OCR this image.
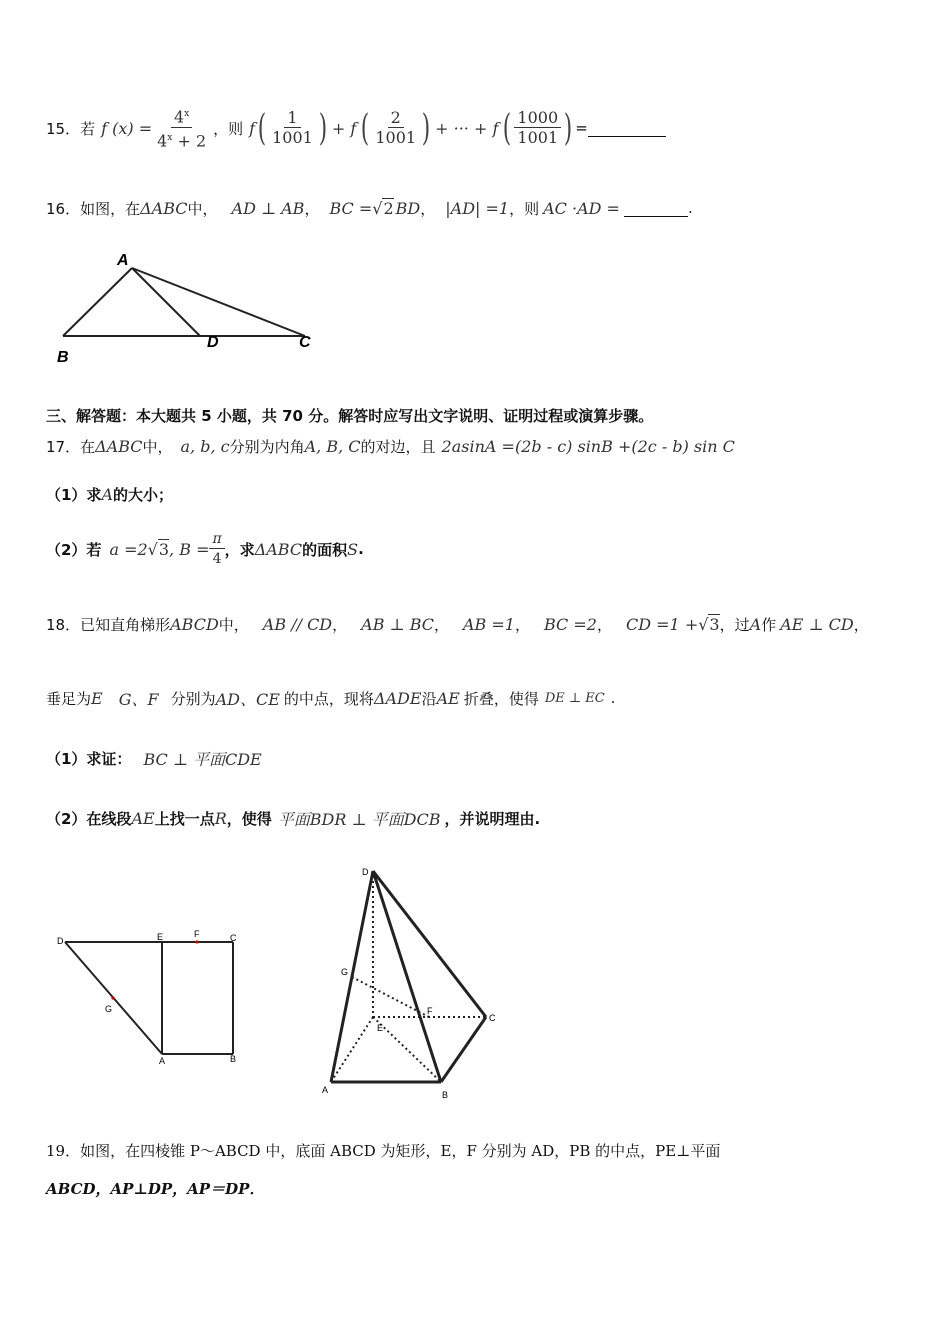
15．若 f $(x) = \frac{4^x}{4^x + 2}$ ，则 f ( $\frac{1}{1001}$ ) + f ( $\frac{2}{1001}$ ) + ··· + f ( $\frac{1000}{1001}$ ) =
16．如图，在 ΔABC 中， AD ⊥ AB ， BC = √ 2 BD ， |AD| =1 ，则 AC ·AD =	.
A
B
D	C
三、解答题：本大题共 5 小题，共 70 分。解答时应写出文字说明、证明过程或演算步骤。
17．在 ΔABC 中， a, b, c 分别为内角 A, B, C 的对边，且 2asinA =(2b - c) sinB +(2c - b) sin C
（1）求 A 的大小；
（2）若 a =2 √ 3 , $B = \frac{\pi}{4}$ ，求 ΔABC 的面积 S .
18．已知直角梯形 ABCD 中， AB // CD ， AB ⊥ BC ， AB =1 ， BC =2 ， CD =1 + √ 3 ，过 A 作 AE ⊥ CD ，
垂足为 E G、F 分别为 AD、CE 的中点，现将 ΔADE 沿 AE 折叠，使得 DE ⊥ EC .
（1）求证： BC ⊥ 平面CDE
（2）在线段 AE 上找一点 R ，使得 平面BDR ⊥ 平面DCB ，并说明理由.
D	E	F	C
G
A	B
D
G
F
E
C
A	B
19．如图，在四棱锥 P～ABCD 中，底面 ABCD 为矩形，E，F 分别为 AD，PB 的中点，PE⊥平面
ABCD，AP⊥DP，AP＝DP．
